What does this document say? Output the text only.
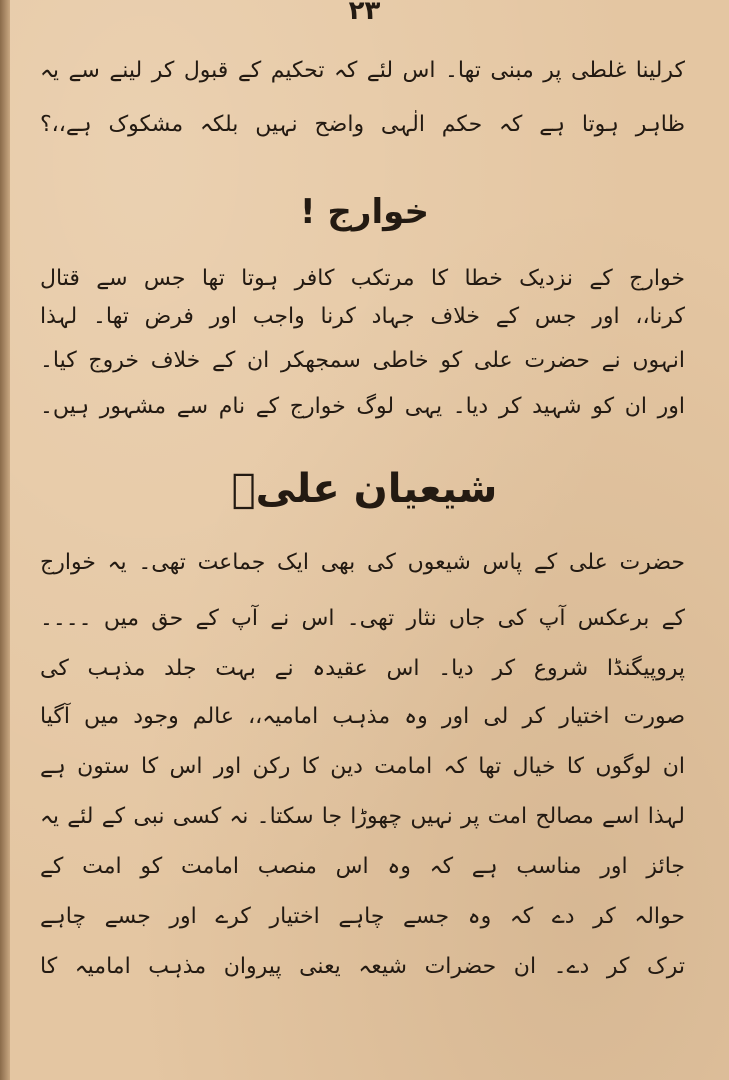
۲۳
کرلینا غلطی پر مبنی تھا۔ اس لئے کہ تحکیم کے قبول کر لینے سے یہ
ظاہر ہوتا ہے کہ حکم الٰہی واضح نہیں بلکہ مشکوک ہے،،؟
خوارج !
خوارج کے نزدیک خطا کا مرتکب کافر ہوتا تھا جس سے قتال
کرنا،، اور جس کے خلاف جہاد کرنا واجب اور فرض تھا۔ لہذا
انہوں نے حضرت علی کو خاطی سمجھکر ان کے خلاف خروج کیا۔
اور ان کو شہید کر دیا۔ یہی لوگ خوارج کے نام سے مشہور ہیں۔
شیعیان علیؓ
حضرت علی کے پاس شیعوں کی بھی ایک جماعت تھی۔ یہ خوارج
کے برعکس آپ کی جاں نثار تھی۔ اس نے آپ کے حق میں ۔۔۔۔
پروپیگنڈا شروع کر دیا۔ اس عقیدہ نے بہت جلد مذہب کی
صورت اختیار کر لی اور وہ مذہب امامیہ،، عالم وجود میں آگیا
ان لوگوں کا خیال تھا کہ امامت دین کا رکن اور اس کا ستون ہے
لہذا اسے مصالح امت پر نہیں چھوڑا جا سکتا۔ نہ کسی نبی کے لئے یہ
جائز اور مناسب ہے کہ وہ اس منصب امامت کو امت کے
حوالہ کر دے کہ وہ جسے چاہے اختیار کرے اور جسے چاہے
ترک کر دے۔ ان حضرات شیعہ یعنی پیروان مذہب امامیہ کا
